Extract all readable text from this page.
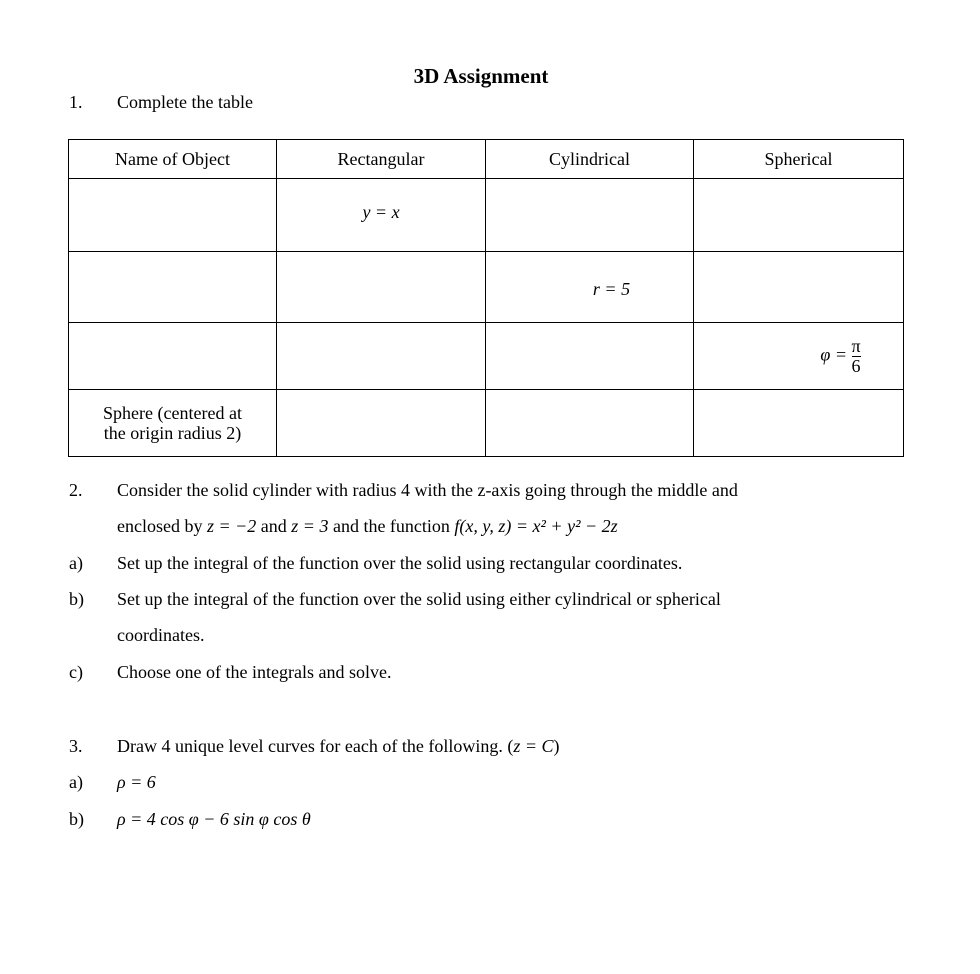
3D Assignment
1. Complete the table
Name of Object	Rectangular	Cylindrical	Spherical
	y = x		
		r = 5	
			$\varphi = \frac{\pi}{6}$

Sphere (centered at
the origin radius 2)			
2. Consider the solid cylinder with radius 4 with the z-axis going through the middle and
enclosed by z = −2 and z = 3 and the function f(x, y, z) = x² + y² − 2z
a) Set up the integral of the function over the solid using rectangular coordinates.
b) Set up the integral of the function over the solid using either cylindrical or spherical
coordinates.
c) Choose one of the integrals and solve.
3. Draw 4 unique level curves for each of the following. (z = C)
a) ρ = 6
b) ρ = 4 cos φ − 6 sin φ cos θ
